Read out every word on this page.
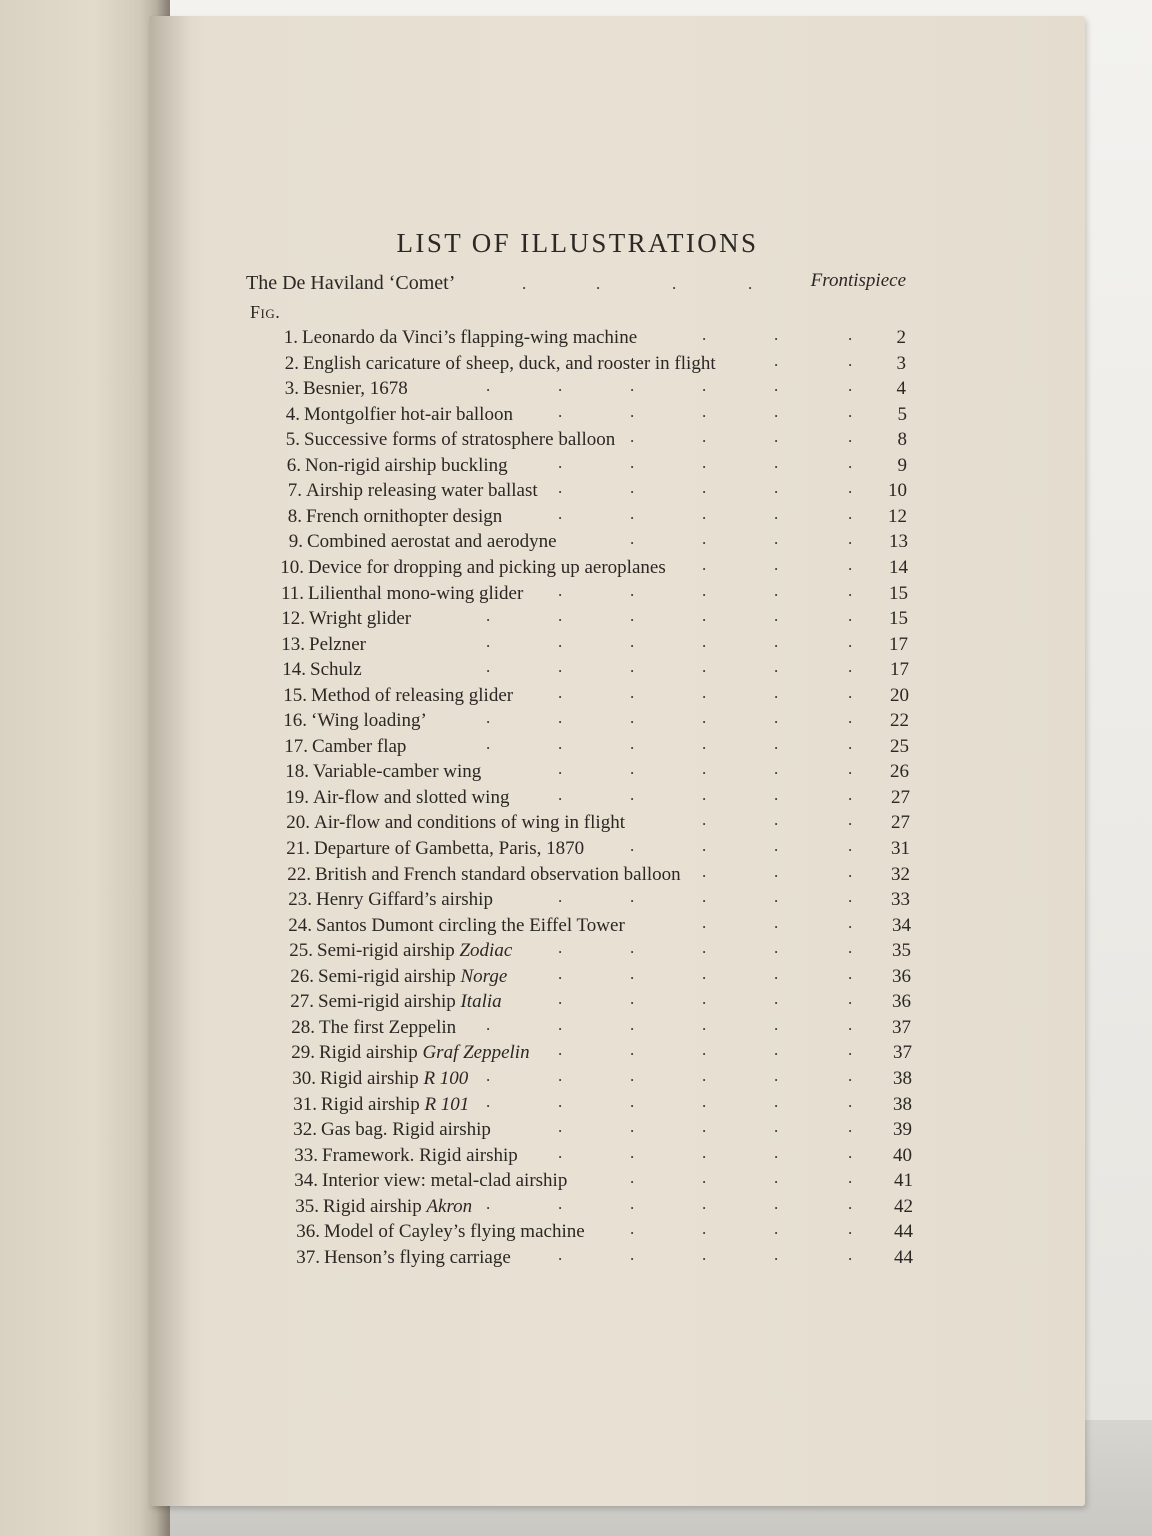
LIST OF ILLUSTRATIONS
The De Haviland ‘Comet’	.	.	.	.	Frontispiece
Fig.
1. Leonardo da Vinci’s flapping-wing machine	2
.	.	.
2. English caricature of sheep, duck, and rooster in flight	3
.	.
3. Besnier, 1678	4
.	.	.	.	.	.
4. Montgolfier hot-air balloon	5
.	.	.	.	.
5. Successive forms of stratosphere balloon	8
.	.	.	.
6. Non-rigid airship buckling	9
.	.	.	.	.
7. Airship releasing water ballast	10
.	.	.	.	.
8. French ornithopter design	12
.	.	.	.	.
9. Combined aerostat and aerodyne	13
.	.	.	.
10. Device for dropping and picking up aeroplanes	14
.	.	.
11. Lilienthal mono-wing glider	15
.	.	.	.	.
12. Wright glider	15
.	.	.	.	.	.
13. Pelzner	17
.	.	.	.	.	.
14. Schulz	17
.	.	.	.	.	.
15. Method of releasing glider	20
.	.	.	.	.
16. ‘Wing loading’	22
.	.	.	.	.	.
17. Camber flap	25
.	.	.	.	.	.
18. Variable-camber wing	26
.	.	.	.	.
19. Air-flow and slotted wing	27
.	.	.	.	.
20. Air-flow and conditions of wing in flight	27
.	.	.
21. Departure of Gambetta, Paris, 1870	31
.	.	.	.
22. British and French standard observation balloon	32
.	.	.
23. Henry Giffard’s airship	33
.	.	.	.	.
24. Santos Dumont circling the Eiffel Tower	34
.	.	.
25. Semi-rigid airship Zodiac	35
.	.	.	.	.
26. Semi-rigid airship Norge	36
.	.	.	.	.
27. Semi-rigid airship Italia	36
.	.	.	.	.
28. The first Zeppelin	37
.	.	.	.	.	.
29. Rigid airship Graf Zeppelin	37
.	.	.	.	.
30. Rigid airship R 100	38
.	.	.	.	.	.
31. Rigid airship R 101	38
.	.	.	.	.	.
32. Gas bag. Rigid airship	39
.	.	.	.	.
33. Framework. Rigid airship	40
.	.	.	.	.
34. Interior view: metal-clad airship	41
.	.	.	.
35. Rigid airship Akron	42
.	.	.	.	.	.
36. Model of Cayley’s flying machine	44
.	.	.	.
37. Henson’s flying carriage	44
.	.	.	.	.
